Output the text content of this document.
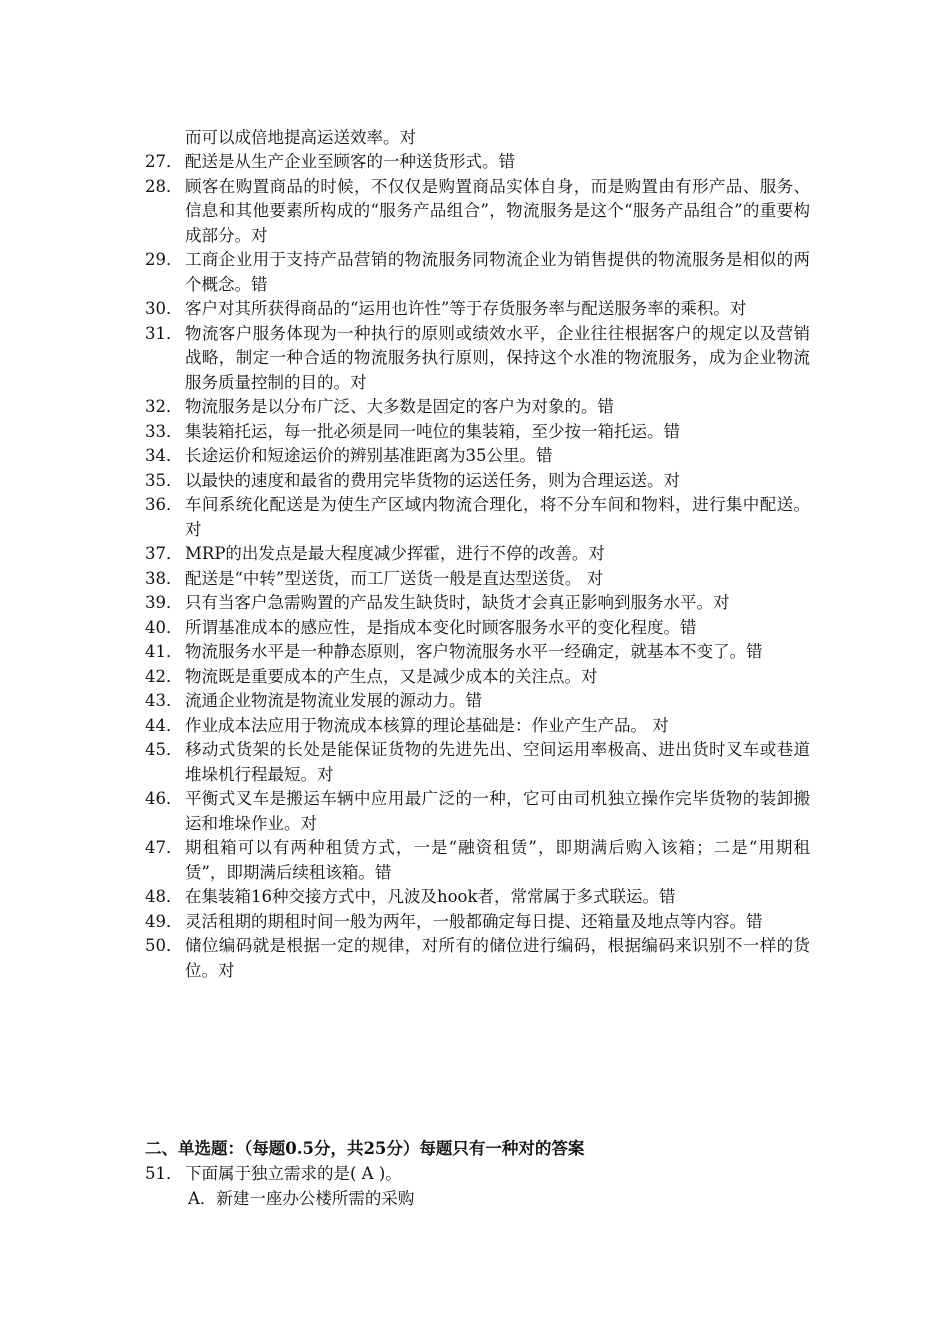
而可以成倍地提高运送效率。对
27． 配送是从生产企业至顾客的一种送货形式。错
28． 顾客在购置商品的时候，不仅仅是购置商品实体自身，而是购置由有形产品、服务、信息和其他要素所构成的“服务产品组合”，物流服务是这个“服务产品组合”的重要构成部分。对
29． 工商企业用于支持产品营销的物流服务同物流企业为销售提供的物流服务是相似的两个概念。错
30． 客户对其所获得商品的“运用也许性”等于存货服务率与配送服务率的乘积。对
31． 物流客户服务体现为一种执行的原则或绩效水平，企业往往根据客户的规定以及营销战略，制定一种合适的物流服务执行原则，保持这个水准的物流服务，成为企业物流服务质量控制的目的。对
32． 物流服务是以分布广泛、大多数是固定的客户为对象的。错
33． 集装箱托运，每一批必须是同一吨位的集装箱，至少按一箱托运。错
34． 长途运价和短途运价的辨别基准距离为35公里。错
35． 以最快的速度和最省的费用完毕货物的运送任务，则为合理运送。对
36． 车间系统化配送是为使生产区域内物流合理化，将不分车间和物料，进行集中配送。 对
37． MRP的出发点是最大程度减少挥霍，进行不停的改善。对
38． 配送是“中转”型送货，而工厂送货一般是直达型送货。 对
39． 只有当客户急需购置的产品发生缺货时，缺货才会真正影响到服务水平。对
40． 所谓基准成本的感应性，是指成本变化时顾客服务水平的变化程度。错
41． 物流服务水平是一种静态原则，客户物流服务水平一经确定，就基本不变了。错
42． 物流既是重要成本的产生点，又是减少成本的关注点。对
43． 流通企业物流是物流业发展的源动力。错
44． 作业成本法应用于物流成本核算的理论基础是：作业产生产品。 对
45． 移动式货架的长处是能保证货物的先进先出、空间运用率极高、进出货时叉车或巷道堆垛机行程最短。对
46． 平衡式叉车是搬运车辆中应用最广泛的一种，它可由司机独立操作完毕货物的装卸搬运和堆垛作业。对
47． 期租箱可以有两种租赁方式，一是“融资租赁”，即期满后购入该箱；二是“用期租赁”，即期满后续租该箱。错
48． 在集装箱16种交接方式中，凡波及hook者，常常属于多式联运。错
49． 灵活租期的期租时间一般为两年，一般都确定每日提、还箱量及地点等内容。错
50． 储位编码就是根据一定的规律，对所有的储位进行编码，根据编码来识别不一样的货位。对
二、单选题：（每题0.5分，共25分）每题只有一种对的答案
51． 下面属于独立需求的是( A )。
A．新建一座办公楼所需的采购
